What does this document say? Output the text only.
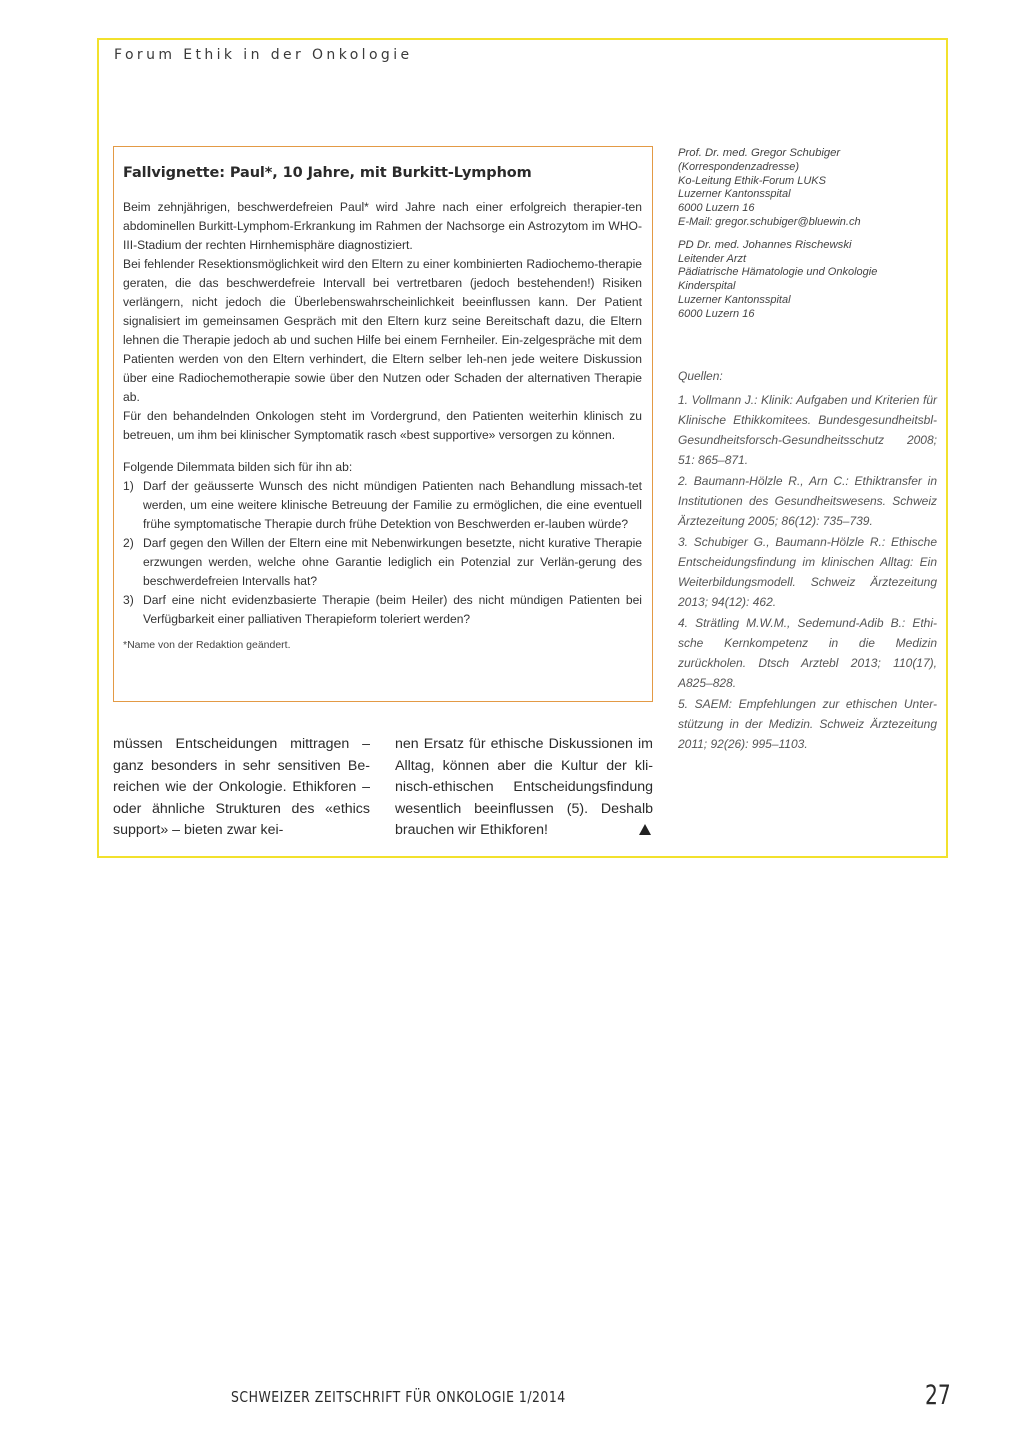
Forum Ethik in der Onkologie
Fallvignette: Paul*, 10 Jahre, mit Burkitt-Lymphom

Beim zehnjährigen, beschwerdefreien Paul* wird Jahre nach einer erfolgreich therapier-ten abdominellen Burkitt-Lymphom-Erkrankung im Rahmen der Nachsorge ein Astrozytom im WHO-III-Stadium der rechten Hirnhemisphäre diagnostiziert.

Bei fehlender Resektionsmöglichkeit wird den Eltern zu einer kombinierten Radiochemo-therapie geraten, die das beschwerdefreie Intervall bei vertretbaren (jedoch bestehenden!) Risiken verlängern, nicht jedoch die Überlebenswahrscheinlichkeit beeinflussen kann. Der Patient signalisiert im gemeinsamen Gespräch mit den Eltern kurz seine Bereitschaft dazu, die Eltern lehnen die Therapie jedoch ab und suchen Hilfe bei einem Fernheiler. Ein-zelgespräche mit dem Patienten werden von den Eltern verhindert, die Eltern selber leh-nen jede weitere Diskussion über eine Radiochemotherapie sowie über den Nutzen oder Schaden der alternativen Therapie ab.

Für den behandelnden Onkologen steht im Vordergrund, den Patienten weiterhin klinisch zu betreuen, um ihm bei klinischer Symptomatik rasch «best supportive» versorgen zu können.

Folgende Dilemmata bilden sich für ihn ab:

1) Darf der geäusserte Wunsch des nicht mündigen Patienten nach Behandlung missach-tet werden, um eine weitere klinische Betreuung der Familie zu ermöglichen, die eine eventuell frühe symptomatische Therapie durch frühe Detektion von Beschwerden er-lauben würde?
2) Darf gegen den Willen der Eltern eine mit Nebenwirkungen besetzte, nicht kurative Therapie erzwungen werden, welche ohne Garantie lediglich ein Potenzial zur Verlän-gerung des beschwerdefreien Intervalls hat?
3) Darf eine nicht evidenzbasierte Therapie (beim Heiler) des nicht mündigen Patienten bei Verfügbarkeit einer palliativen Therapieform toleriert werden?
*Name von der Redaktion geändert.
Prof. Dr. med. Gregor Schubiger
(Korrespondenzadresse)
Ko-Leitung Ethik-Forum LUKS
Luzerner Kantonsspital
6000 Luzern 16
E-Mail: gregor.schubiger@bluewin.ch
PD Dr. med. Johannes Rischewski
Leitender Arzt
Pädiatrische Hämatologie und Onkologie
Kinderspital
Luzerner Kantonsspital
6000 Luzern 16
Quellen:
1. Vollmann J.: Klinik: Aufgaben und Kriterien für Klinische Ethikkomitees. Bundesgesundheitsbl-Gesundheitsforsch-Gesundheitsschutz 2008; 51: 865–871.
2. Baumann-Hölzle R., Arn C.: Ethiktransfer in Institutionen des Gesundheitswesens. Schweiz Ärztezeitung 2005; 86(12): 735–739.
3. Schubiger G., Baumann-Hölzle R.: Ethische Entscheidungsfindung im klinischen Alltag: Ein Weiterbildungsmodell. Schweiz Ärztezeitung 2013; 94(12): 462.
4. Strätling M.W.M., Sedemund-Adib B.: Ethi-sche Kernkompetenz in die Medizin zurückholen. Dtsch Arztebl 2013; 110(17), A825–828.
5. SAEM: Empfehlungen zur ethischen Unter-stützung in der Medizin. Schweiz Ärztezeitung 2011; 92(26): 995–1103.
müssen Entscheidungen mittragen – ganz besonders in sehr sensitiven Be-reichen wie der Onkologie. Ethikforen – oder ähnliche Strukturen des «ethics support» – bieten zwar kei-
nen Ersatz für ethische Diskussionen im Alltag, können aber die Kultur der kli-nisch-ethischen Entscheidungsfindung wesentlich beeinflussen (5). Deshalb brauchen wir Ethikforen!
SCHWEIZER ZEITSCHRIFT FÜR ONKOLOGIE 1/2014	27
